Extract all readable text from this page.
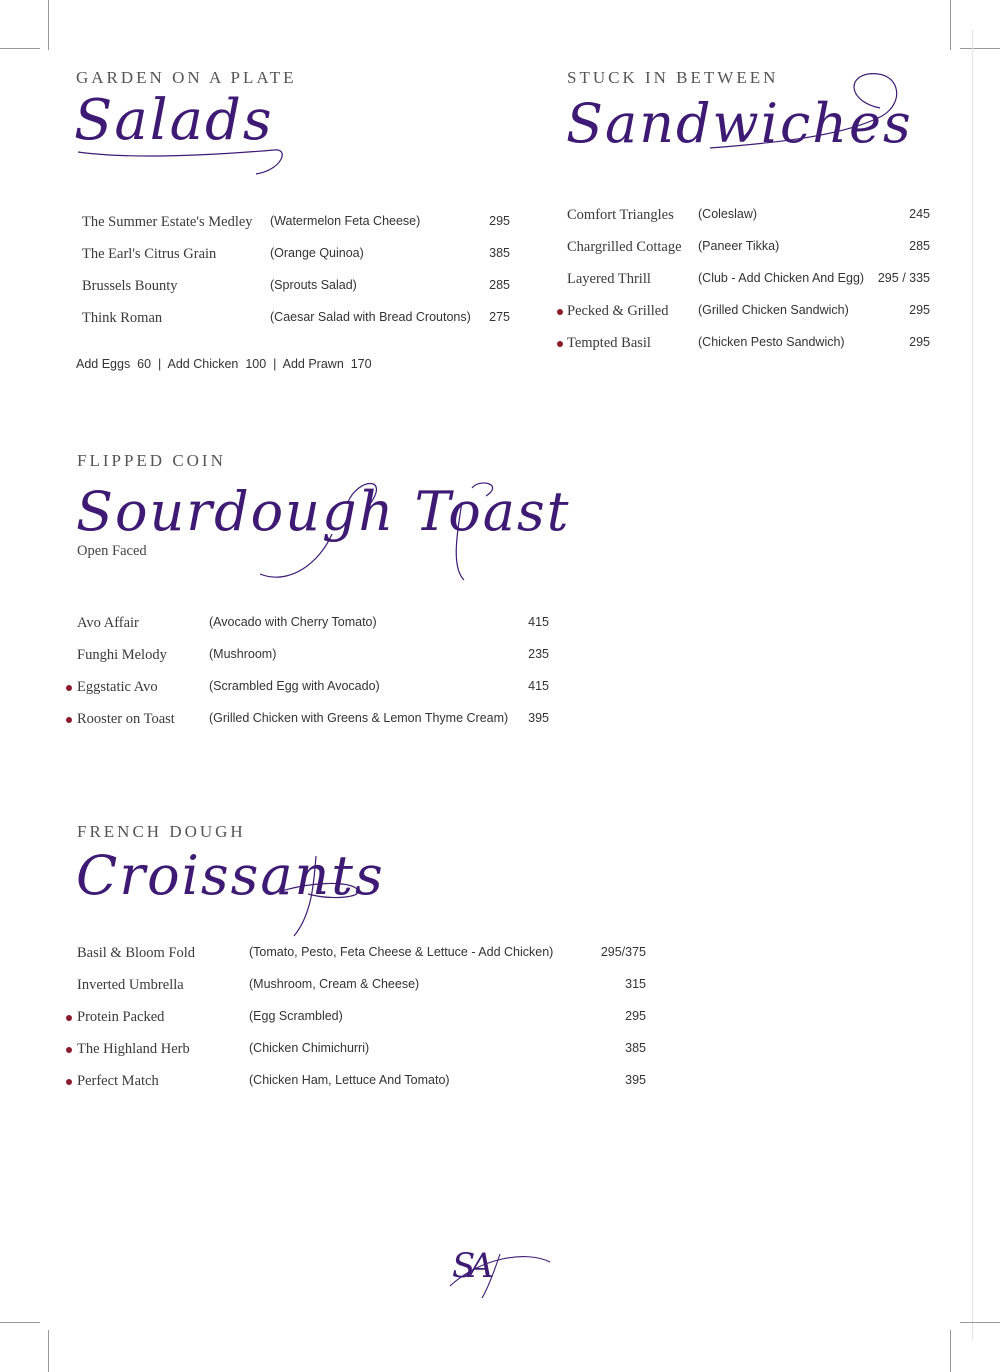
GARDEN ON A PLATE
Salads
The Summer Estate's Medley (Watermelon Feta Cheese)	295
The Earl's Citrus Grain	(Orange Quinoa)	385
Brussels Bounty	(Sprouts Salad)	285
Think Roman	(Caesar Salad with Bread Croutons) 275
Add Eggs  60  |  Add Chicken  100  |  Add Prawn  170
STUCK IN BETWEEN
Sandwiches
Comfort Triangles (Coleslaw)	245
Chargrilled Cottage (Paneer Tikka)	285
Layered Thrill	(Club - Add Chicken And Egg) 295 / 335
Pecked & Grilled (Grilled Chicken Sandwich)	295
Tempted Basil	(Chicken Pesto Sandwich)	295
FLIPPED COIN
Sourdough Toast
Open Faced
Avo Affair	(Avocado with Cherry Tomato)	415
Funghi Melody	(Mushroom)	235
Eggstatic Avo	(Scrambled Egg with Avocado)	415
Rooster on Toast	(Grilled Chicken with Greens & Lemon Thyme Cream) 395
FRENCH DOUGH
Croissants
Basil & Bloom Fold	(Tomato, Pesto, Feta Cheese & Lettuce - Add Chicken)	295/375
Inverted Umbrella	(Mushroom, Cream & Cheese)	315
Protein Packed	(Egg Scrambled)	295
The Highland Herb	(Chicken Chimichurri)	385
Perfect Match	(Chicken Ham, Lettuce And Tomato)	395
SA
